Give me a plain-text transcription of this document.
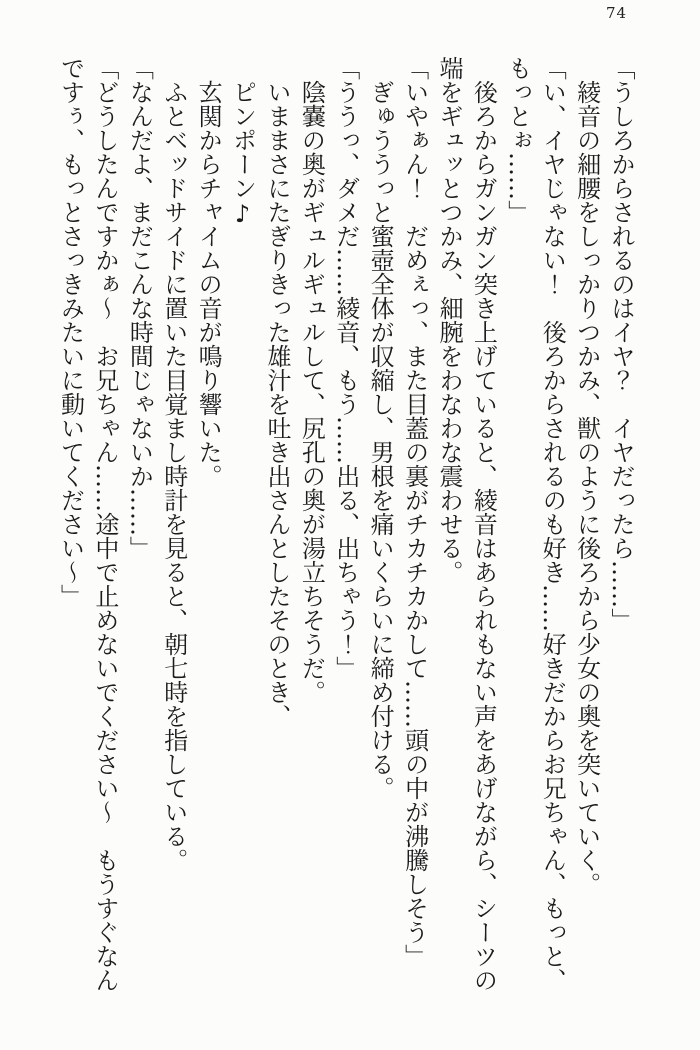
74

「うしろからされるのはイヤ？　イヤだったら……」

綾音の細腰をしっかりつかみ、獣のように後ろから少女の奥を突いていく。

「い、イヤじゃない！　後ろからされるのも好き……好きだからお兄ちゃん、もっと、もっとぉ……」

後ろからガンガン突き上げていると、綾音はあられもない声をあげながら、シーツの端をギュッとつかみ、細腕をわなわな震わせる。

「いやぁん！　だめぇっ、また目蓋の裏がチカチカかして……頭の中が沸騰しそう」

ぎゅううっと蜜壺全体が収縮し、男根を痛いくらいに締め付ける。

「ううっ、ダメだ……綾音、もう……出る、出ちゃう！」

陰嚢の奥がギュルギュルして、尻孔の奥が湯立ちそうだ。

いままさにたぎりきった雄汁を吐き出さんとしたそのとき、

ピンポーン♪

玄関からチャイムの音が鳴り響いた。

ふとベッドサイドに置いた目覚まし時計を見ると、朝七時を指している。

「なんだよ、まだこんな時間じゃないか……」

「どうしたんですかぁ〜　お兄ちゃん……途中で止めないでください〜　もうすぐなんですぅ、もっとさっきみたいに動いてください〜」
